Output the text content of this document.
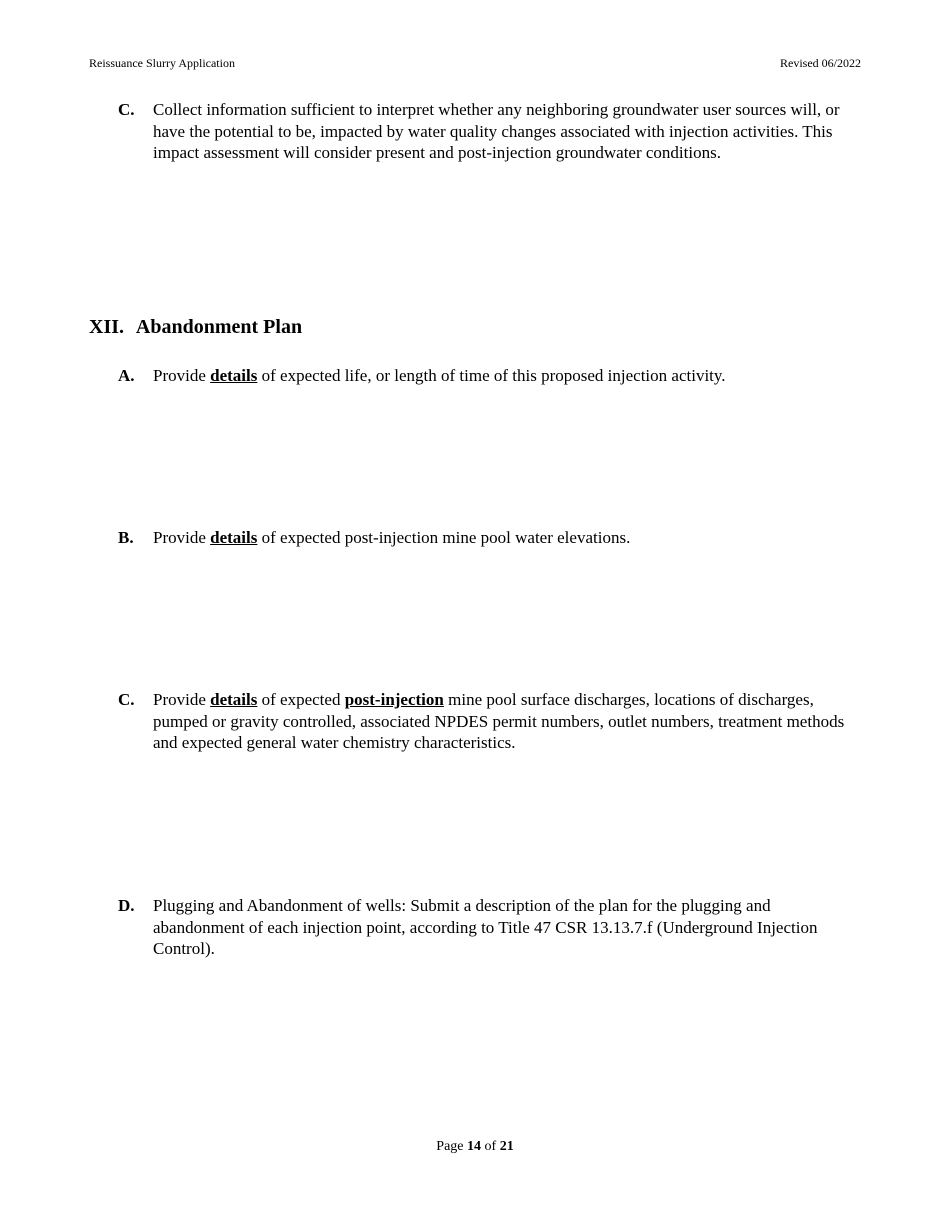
Reissuance Slurry Application	Revised 06/2022
C. Collect information sufficient to interpret whether any neighboring groundwater user sources will, or have the potential to be, impacted by water quality changes associated with injection activities. This impact assessment will consider present and post-injection groundwater conditions.
XII. Abandonment Plan
A. Provide details of expected life, or length of time of this proposed injection activity.
B. Provide details of expected post-injection mine pool water elevations.
C. Provide details of expected post-injection mine pool surface discharges, locations of discharges, pumped or gravity controlled, associated NPDES permit numbers, outlet numbers, treatment methods and expected general water chemistry characteristics.
D. Plugging and Abandonment of wells: Submit a description of the plan for the plugging and abandonment of each injection point, according to Title 47 CSR 13.13.7.f (Underground Injection Control).
Page 14 of 21
